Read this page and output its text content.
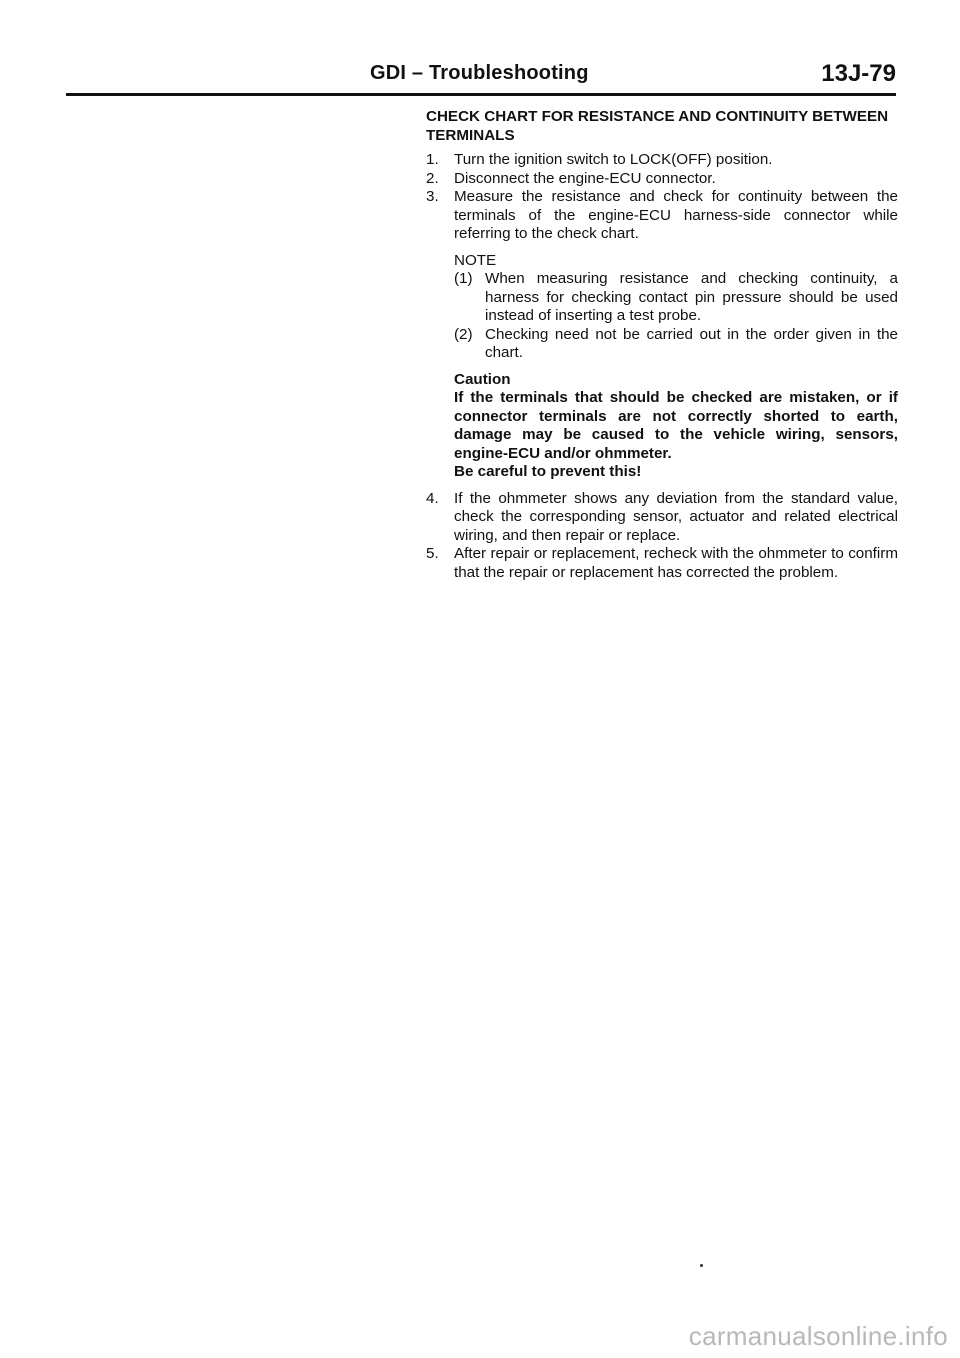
GDI – Troubleshooting	13J-79

CHECK CHART FOR RESISTANCE AND CONTINUITY BETWEEN TERMINALS

1. Turn the ignition switch to LOCK(OFF) position.

2. Disconnect the engine-ECU connector.

3. Measure the resistance and check for continuity between the terminals of the engine-ECU harness-side connector while referring to the check chart.

NOTE

(1) When measuring resistance and checking continuity, a harness for checking contact pin pressure should be used instead of inserting a test probe.
(2) Checking need not be carried out in the order given in the chart.

Caution

If the terminals that should be checked are mistaken, or if connector terminals are not correctly shorted to earth, damage may be caused to the vehicle wiring, sensors, engine-ECU and/or ohmmeter.

Be careful to prevent this!

4. If the ohmmeter shows any deviation from the standard value, check the corresponding sensor, actuator and related electrical wiring, and then repair or replace.

5. After repair or replacement, recheck with the ohmmeter to confirm that the repair or replacement has corrected the problem.

carmanualsonline.info
